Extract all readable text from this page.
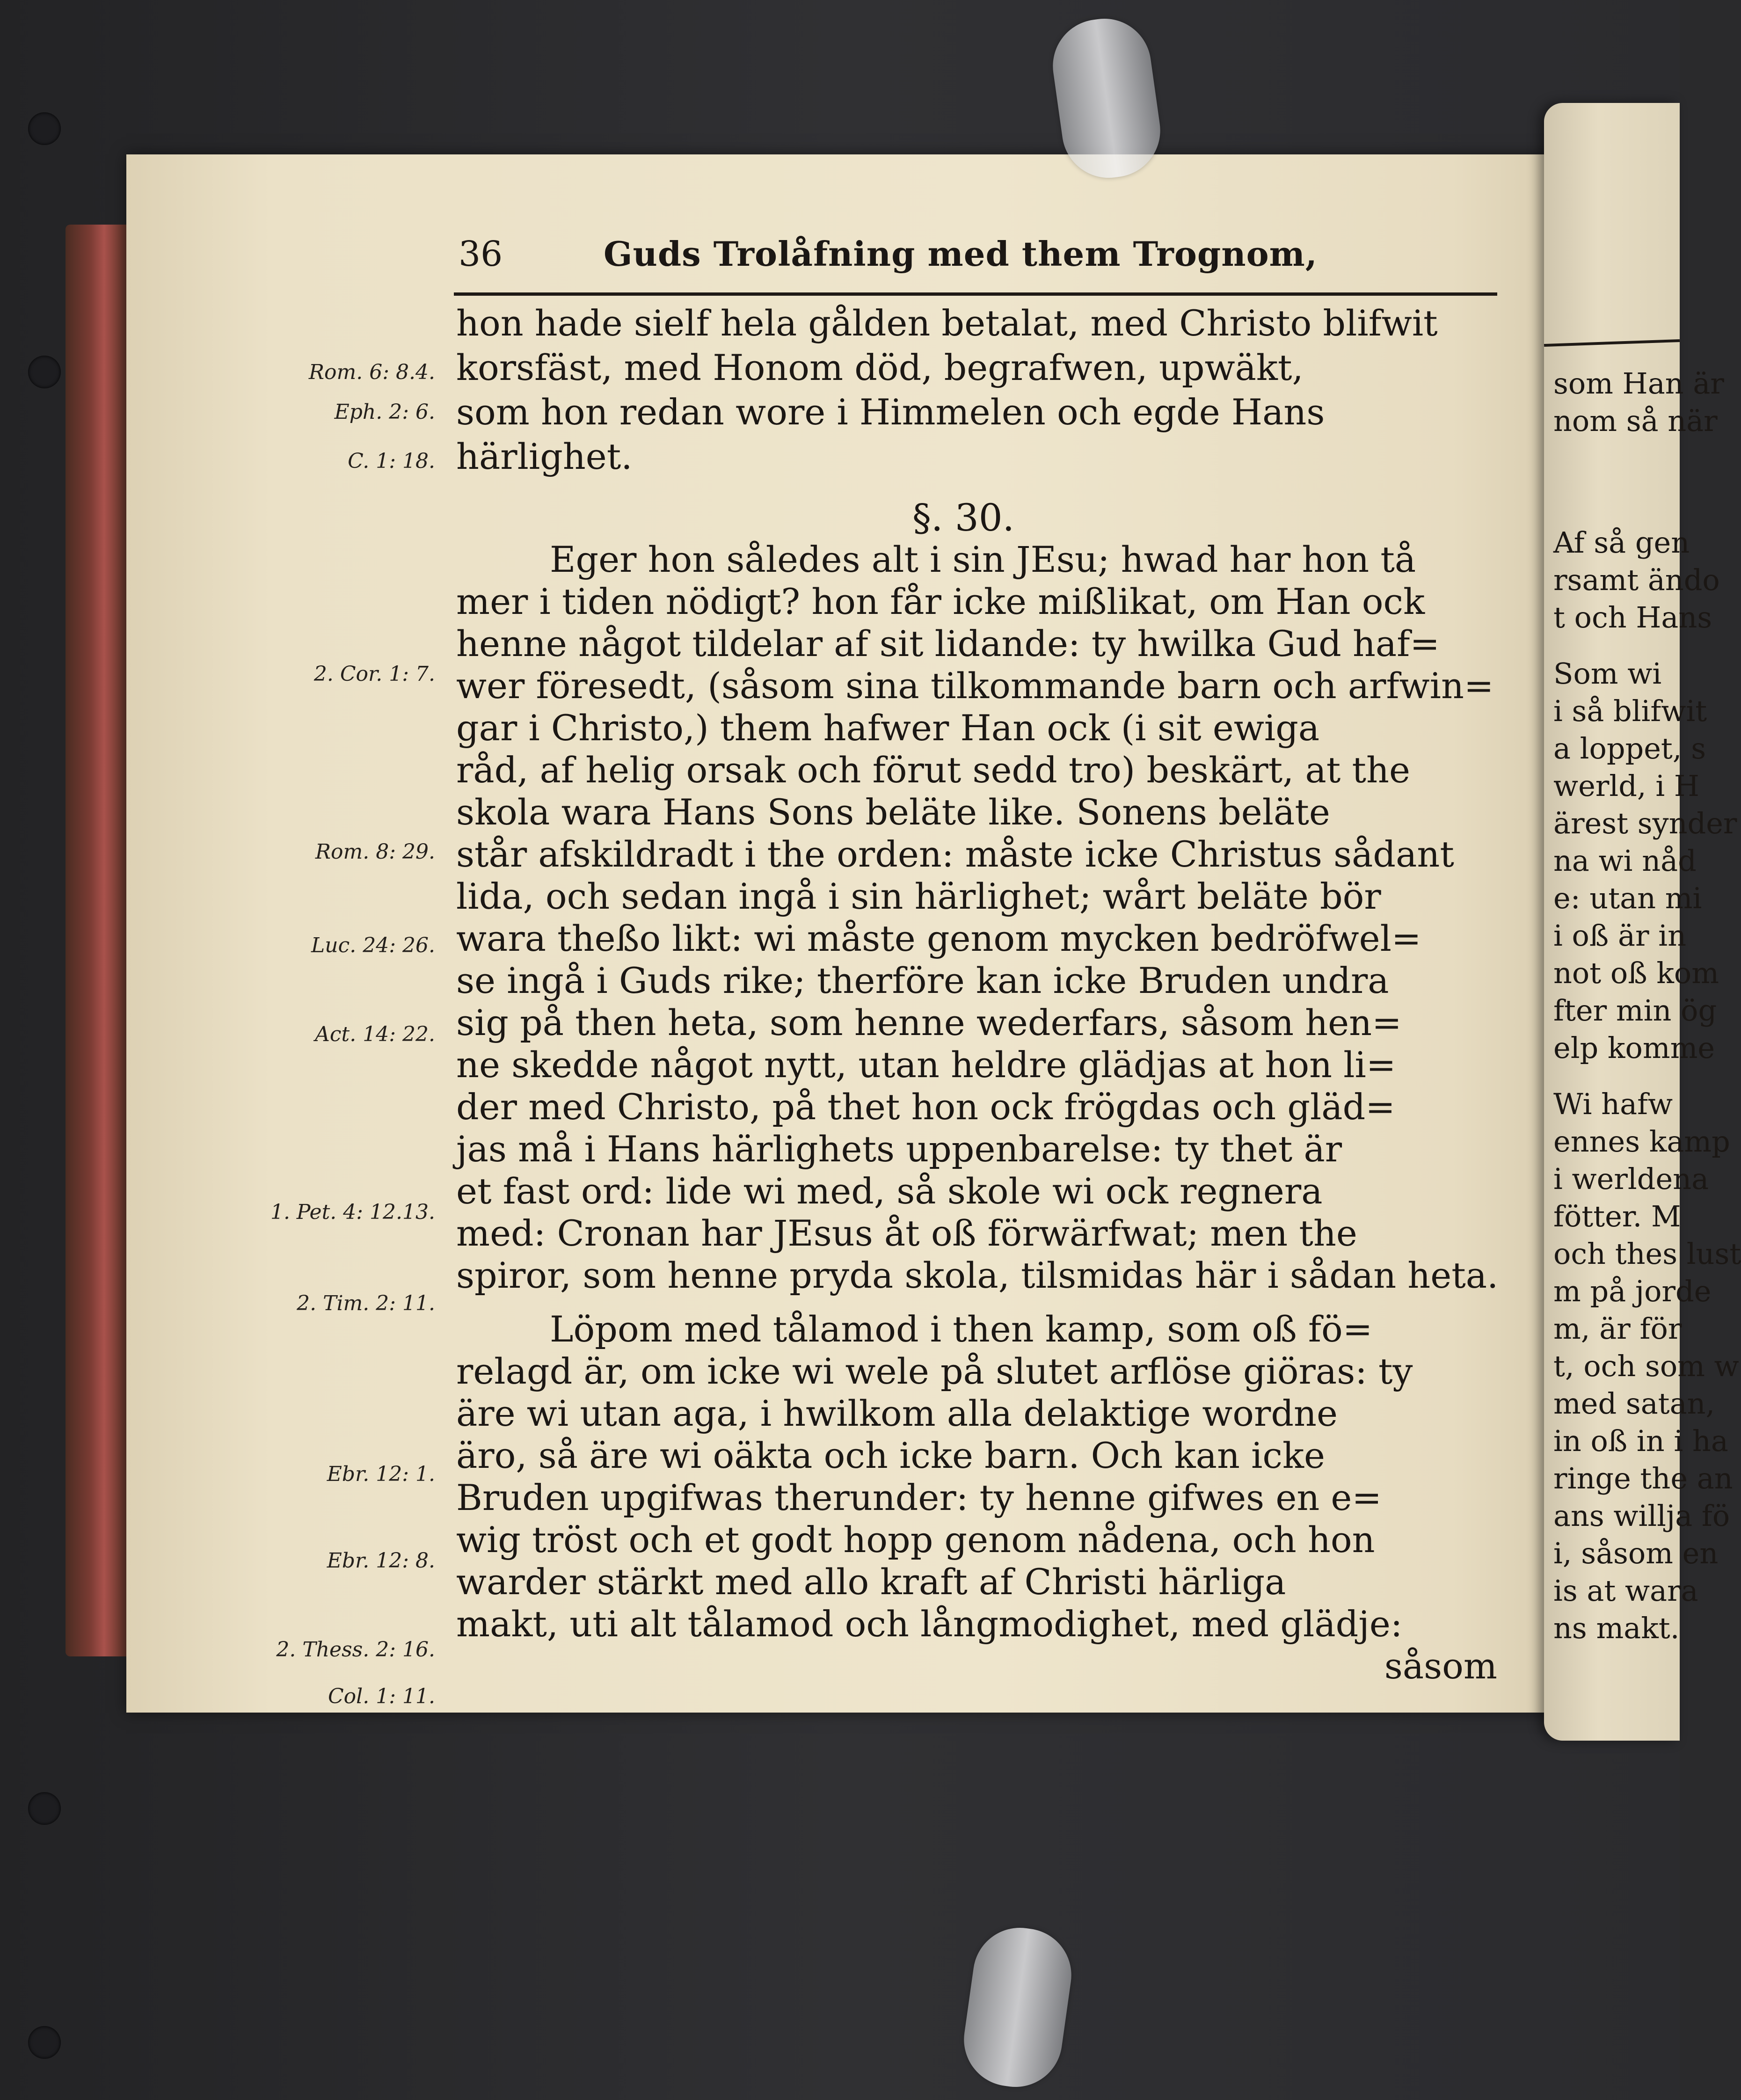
som Han är
nom så när
Af så gen
rsamt ändo
t och Hans
Som wi
i så blifwit
a loppet, s
werld, i H
ärest synder
na wi nåd
e: utan mi
i oß är in
not oß kom
fter min ög
elp komme
Wi hafw
ennes kamp
i werldena
fötter. M
och thes lust
m på jorde
m, är för
t, och som w
med satan,
in oß in i ha
ringe the an
ans willja fö
i, såsom en
is at wara
ns makt.
36	Guds Trolåfning med them Trognom,
hon hade sielf hela gålden betalat, med Christo blifwit
korsfäst, med Honom död, begrafwen, upwäkt,
som hon redan wore i Himmelen och egde Hans
härlighet.
§. 30.
Eger hon således alt i sin JEsu; hwad har hon tå
mer i tiden nödigt? hon får icke mißlikat, om Han ock
henne något tildelar af sit lidande: ty hwilka Gud haf=
wer föresedt, (såsom sina tilkommande barn och arfwin=
gar i Christo,) them hafwer Han ock (i sit ewiga
råd, af helig orsak och förut sedd tro) beskärt, at the
skola wara Hans Sons beläte like. Sonens beläte
står afskildradt i the orden: måste icke Christus sådant
lida, och sedan ingå i sin härlighet; wårt beläte bör
wara theßo likt: wi måste genom mycken bedröfwel=
se ingå i Guds rike; therföre kan icke Bruden undra
sig på then heta, som henne wederfars, såsom hen=
ne skedde något nytt, utan heldre glädjas at hon li=
der med Christo, på thet hon ock frögdas och gläd=
jas må i Hans härlighets uppenbarelse: ty thet är
et fast ord: lide wi med, så skole wi ock regnera
med: Cronan har JEsus åt oß förwärfwat; men the
spiror, som henne pryda skola, tilsmidas här i sådan heta.
Löpom med tålamod i then kamp, som oß fö=
relagd är, om icke wi wele på slutet arflöse giöras: ty
äre wi utan aga, i hwilkom alla delaktige wordne
äro, så äre wi oäkta och icke barn. Och kan icke
Bruden upgifwas therunder: ty henne gifwes en e=
wig tröst och et godt hopp genom nådena, och hon
warder stärkt med allo kraft af Christi härliga
makt, uti alt tålamod och långmodighet, med glädje:
såsom
Rom. 6: 8.4.
Eph. 2: 6.
C. 1: 18.
2. Cor. 1: 7.
Rom. 8: 29.
Luc. 24: 26.
Act. 14: 22.
1. Pet. 4: 12.13.
2. Tim. 2: 11.
Ebr. 12: 1.
Ebr. 12: 8.
2. Thess. 2: 16.
Col. 1: 11.
